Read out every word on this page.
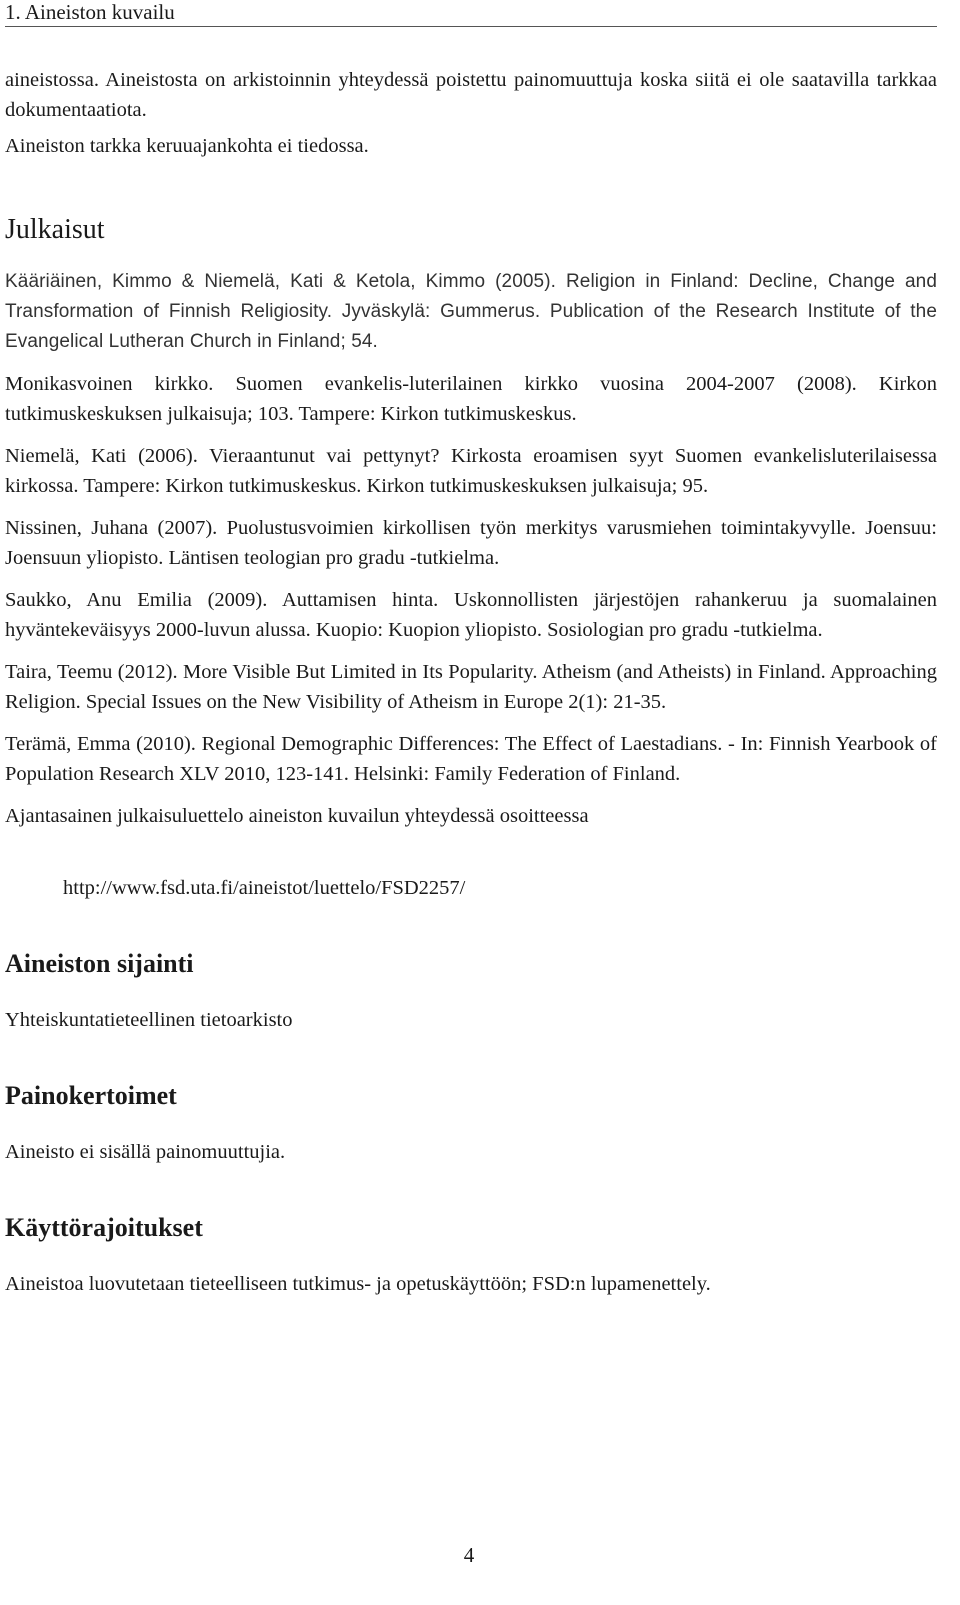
1. Aineiston kuvailu

aineistossa. Aineistosta on arkistoinnin yhteydessä poistettu painomuuttuja koska siitä ei ole saatavilla tarkkaa dokumentaatiota.

Aineiston tarkka keruuajankohta ei tiedossa.

Julkaisut

Kääriäinen, Kimmo & Niemelä, Kati & Ketola, Kimmo (2005). Religion in Finland: Decline, Change and Transformation of Finnish Religiosity. Jyväskylä: Gummerus. Publication of the Research Institute of the Evangelical Lutheran Church in Finland; 54.

Monikasvoinen kirkko. Suomen evankelis-luterilainen kirkko vuosina 2004-2007 (2008). Kirkon tutkimuskeskuksen julkaisuja; 103. Tampere: Kirkon tutkimuskeskus.

Niemelä, Kati (2006). Vieraantunut vai pettynyt? Kirkosta eroamisen syyt Suomen evankelisluterilaisessa kirkossa. Tampere: Kirkon tutkimuskeskus. Kirkon tutkimuskeskuksen julkaisuja; 95.

Nissinen, Juhana (2007). Puolustusvoimien kirkollisen työn merkitys varusmiehen toimintakyvylle. Joensuu: Joensuun yliopisto. Läntisen teologian pro gradu -tutkielma.

Saukko, Anu Emilia (2009). Auttamisen hinta. Uskonnollisten järjestöjen rahankeruu ja suomalainen hyväntekeväisyys 2000-luvun alussa. Kuopio: Kuopion yliopisto. Sosiologian pro gradu -tutkielma.

Taira, Teemu (2012). More Visible But Limited in Its Popularity. Atheism (and Atheists) in Finland. Approaching Religion. Special Issues on the New Visibility of Atheism in Europe 2(1): 21-35.

Terämä, Emma (2010). Regional Demographic Differences: The Effect of Laestadians. - In: Finnish Yearbook of Population Research XLV 2010, 123-141. Helsinki: Family Federation of Finland.

Ajantasainen julkaisuluettelo aineiston kuvailun yhteydessä osoitteessa
http://www.fsd.uta.fi/aineistot/luettelo/FSD2257/
Aineiston sijainti
Yhteiskuntatieteellinen tietoarkisto
Painokertoimet
Aineisto ei sisällä painomuuttujia.
Käyttörajoitukset
Aineistoa luovutetaan tieteelliseen tutkimus- ja opetuskäyttöön; FSD:n lupamenettely.
4
